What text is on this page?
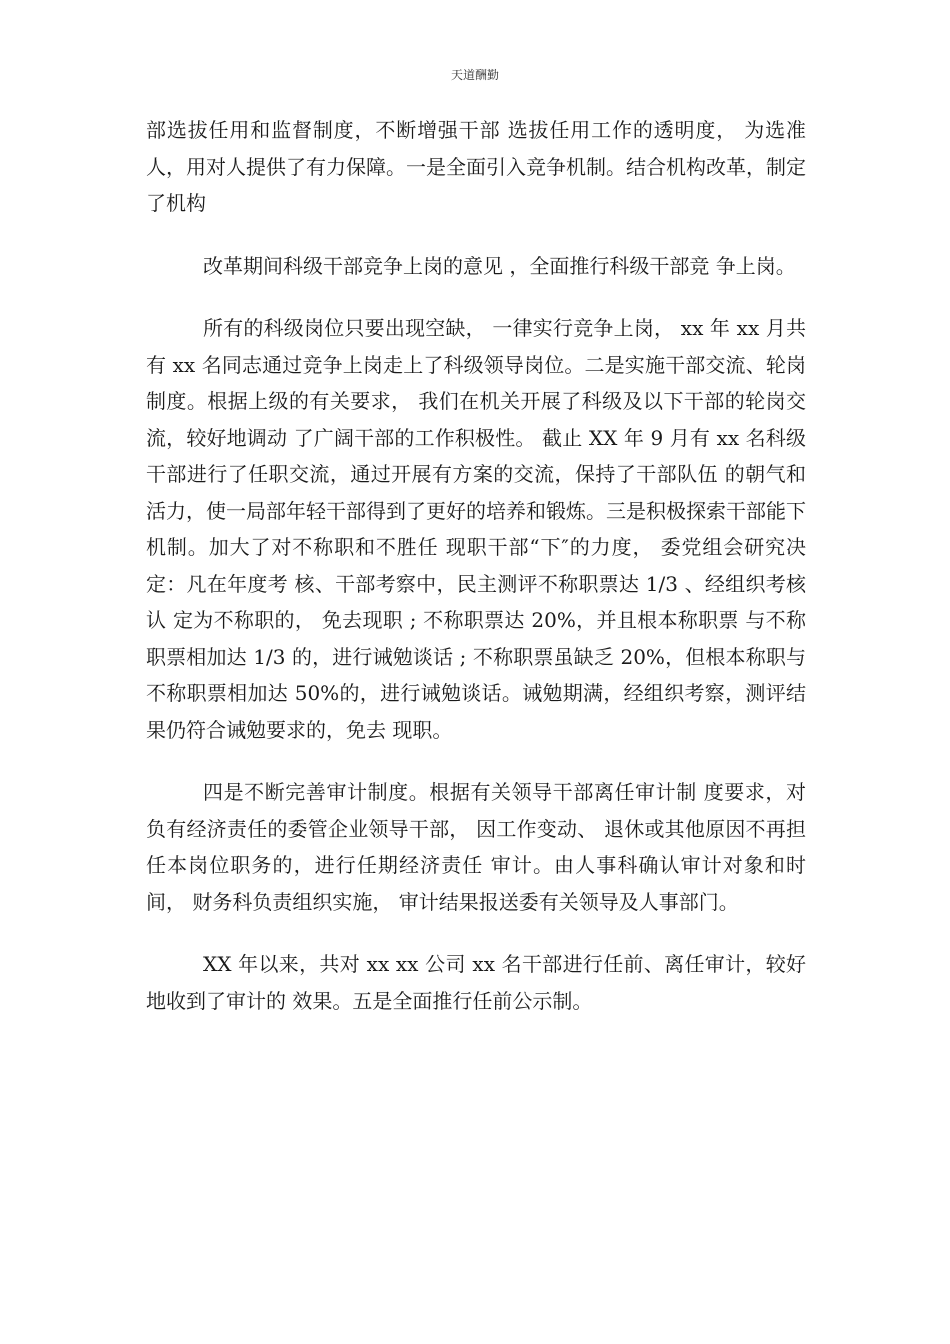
天道酬勤

部选拔任用和监督制度，不断增强干部 选拔任用工作的透明度， 为选准人，用对人提供了有力保障。一是全面引入竞争机制。结合机构改革，制定了机构

改革期间科级干部竞争上岗的意见 ，全面推行科级干部竞 争上岗。

所有的科级岗位只要出现空缺， 一律实行竞争上岗， xx 年 xx 月共有 xx 名同志通过竞争上岗走上了科级领导岗位。二是实施干部交流、轮岗制度。根据上级的有关要求， 我们在机关开展了科级及以下干部的轮岗交流，较好地调动 了广阔干部的工作积极性。 截止 XX 年 9 月有 xx 名科级干部进行了任职交流，通过开展有方案的交流，保持了干部队伍 的朝气和活力，使一局部年轻干部得到了更好的培养和锻炼。三是积极探索干部能下机制。加大了对不称职和不胜任 现职干部“下″的力度， 委党组会研究决定：凡在年度考 核、干部考察中，民主测评不称职票达 1/3 、经组织考核认 定为不称职的， 免去现职 ; 不称职票达 20%，并且根本称职票 与不称职票相加达 1/3 的，进行诫勉谈话 ; 不称职票虽缺乏 20%，但根本称职与不称职票相加达 50%的，进行诫勉谈话。诫勉期满，经组织考察，测评结果仍符合诫勉要求的，免去 现职。

四是不断完善审计制度。根据有关领导干部离任审计制 度要求，对负有经济责任的委管企业领导干部， 因工作变动、 退休或其他原因不再担任本岗位职务的，进行任期经济责任 审计。由人事科确认审计对象和时间， 财务科负责组织实施， 审计结果报送委有关领导及人事部门。

XX 年以来，共对 xx xx 公司 xx 名干部进行任前、离任审计，较好地收到了审计的 效果。五是全面推行任前公示制。
